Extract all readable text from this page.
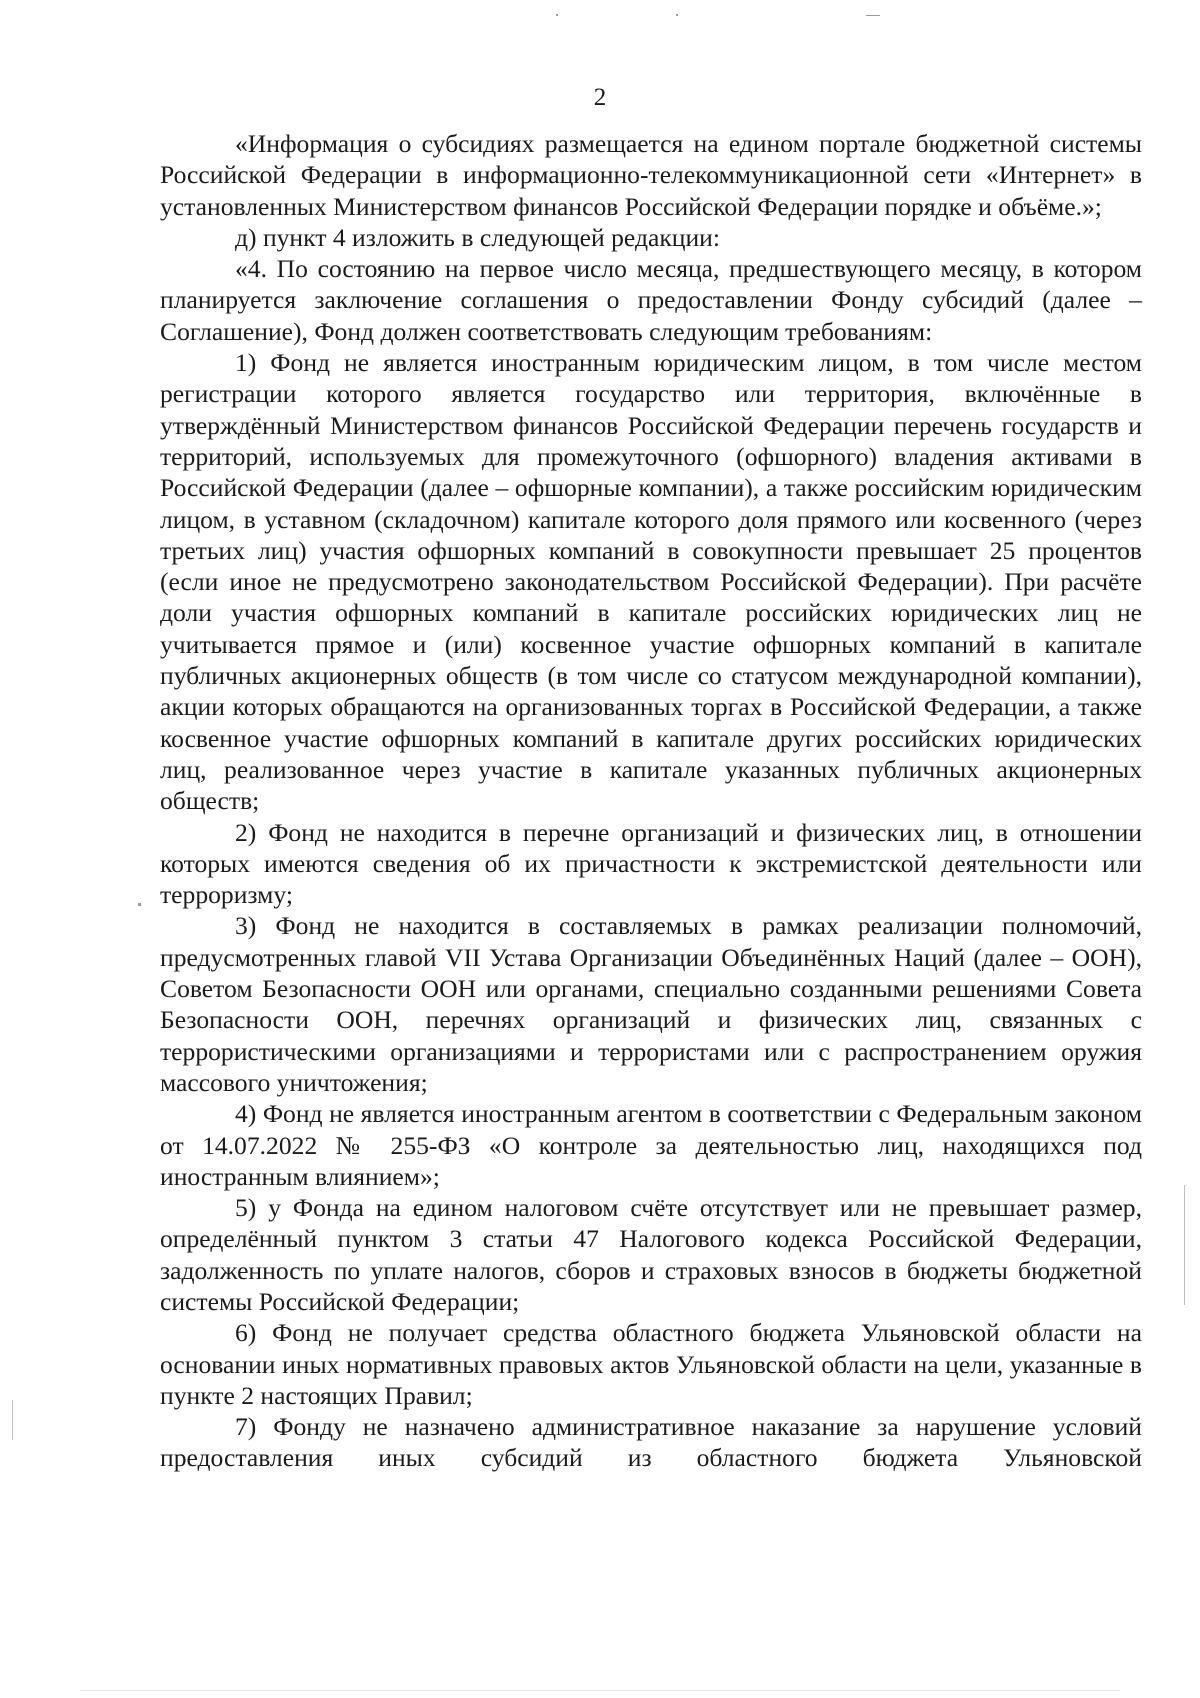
2

«Информация о субсидиях размещается на едином портале бюджетной системы Российской Федерации в информационно-телекоммуникационной сети «Интернет» в установленных Министерством финансов Российской Федерации порядке и объёме.»;

д) пункт 4 изложить в следующей редакции:

«4. По состоянию на первое число месяца, предшествующего месяцу, в котором планируется заключение соглашения о предоставлении Фонду субсидий (далее – Соглашение), Фонд должен соответствовать следующим требованиям:

1) Фонд не является иностранным юридическим лицом, в том числе местом регистрации которого является государство или территория, включённые в утверждённый Министерством финансов Российской Федерации перечень государств и территорий, используемых для промежуточного (офшорного) владения активами в Российской Федерации (далее – офшорные компании), а также российским юридическим лицом, в уставном (складочном) капитале которого доля прямого или косвенного (через третьих лиц) участия офшорных компаний в совокупности превышает 25 процентов (если иное не предусмотрено законодательством Российской Федерации). При расчёте доли участия офшорных компаний в капитале российских юридических лиц не учитывается прямое и (или) косвенное участие офшорных компаний в капитале публичных акционерных обществ (в том числе со статусом международной компании), акции которых обращаются на организованных торгах в Российской Федерации, а также косвенное участие офшорных компаний в капитале других российских юридических лиц, реализованное через участие в капитале указанных публичных акционерных обществ;

2) Фонд не находится в перечне организаций и физических лиц, в отношении которых имеются сведения об их причастности к экстремистской деятельности или терроризму;

3) Фонд не находится в составляемых в рамках реализации полномочий, предусмотренных главой VII Устава Организации Объединённых Наций (далее – ООН), Советом Безопасности ООН или органами, специально созданными решениями Совета Безопасности ООН, перечнях организаций и физических лиц, связанных с террористическими организациями и террористами или с распространением оружия массового уничтожения;

4) Фонд не является иностранным агентом в соответствии с Федеральным законом от 14.07.2022 № 255-ФЗ «О контроле за деятельностью лиц, находящихся под иностранным влиянием»;

5) у Фонда на едином налоговом счёте отсутствует или не превышает размер, определённый пунктом 3 статьи 47 Налогового кодекса Российской Федерации, задолженность по уплате налогов, сборов и страховых взносов в бюджеты бюджетной системы Российской Федерации;

6) Фонд не получает средства областного бюджета Ульяновской области на основании иных нормативных правовых актов Ульяновской области на цели, указанные в пункте 2 настоящих Правил;

7) Фонду не назначено административное наказание за нарушение условий предоставления иных субсидий из областного бюджета Ульяновской
